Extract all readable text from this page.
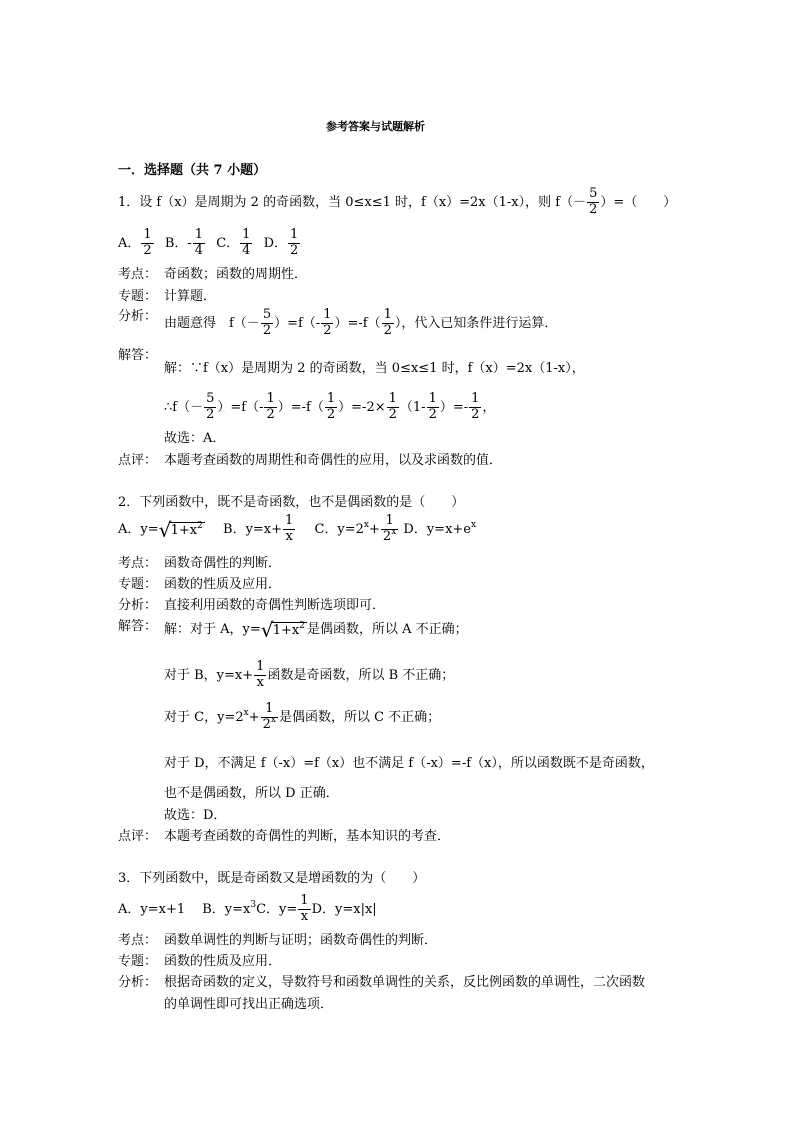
参考答案与试题解析
一．选择题（共 7 小题）
1．设 f（x）是周期为 2 的奇函数，当 0≤x≤1 时，f（x）=2x（1-x），则 $f(- \frac{5}{2}$ ）=（　　）
A． $\frac{1}{2}$ B．- $\frac{1}{4}$ C． $\frac{1}{4}$ D． $\frac{1}{2}$
考点： 奇函数；函数的周期性．
专题： 计算题．
分析： 由题意得　$f(- \frac{5}{2} )=f(- \frac{1}{2} )=-f( \frac{1}{2}$ ），代入已知条件进行运算．
解答：
解：∵f（x）是周期为 2 的奇函数，当 0≤x≤1 时，f（x）=2x（1-x），
∴f（－ $\frac{5}{2} )=f(- \frac{1}{2} )=-f( \frac{1}{2} )=-2\times \frac{1}{2} (1- \frac{1}{2}$ ）=- $\frac{1}{2}$ ，
故选：A．
点评： 本题考查函数的周期性和奇偶性的应用，以及求函数的值．
2．下列函数中，既不是奇函数，也不是偶函数的是（　　）
A．y= √ $1+x^2$ B．$y=x+ \frac{1}{x}$ C．$y=2^x+ \frac{1}{2^x}$ D．$y=x+e^x$
考点： 函数奇偶性的判断．
专题： 函数的性质及应用．
分析： 直接利用函数的奇偶性判断选项即可．
解答： 解：对于 A，y= √ $1+x^2$ 是偶函数，所以 A 不正确；
对于 B，$y=x+ \frac{1}{x}$ 函数是奇函数，所以 B 不正确；
对于 C，$y=2^x+ \frac{1}{2^x}$ 是偶函数，所以 C 不正确；
对于 D，不满足 f（-x）=f（x）也不满足 f（-x）=-f（x），所以函数既不是奇函数，
也不是偶函数，所以 D 正确．
故选：D．
点评： 本题考查函数的奇偶性的判断，基本知识的考查．
3．下列函数中，既是奇函数又是增函数的为（　　）
A．y=x+1　 B．$y=x^3C$．$y= \frac{1}{x}$ D．y=x|x|
考点： 函数单调性的判断与证明；函数奇偶性的判断．
专题： 函数的性质及应用．
分析： 根据奇函数的定义，导数符号和函数单调性的关系，反比例函数的单调性，二次函数
的单调性即可找出正确选项．
